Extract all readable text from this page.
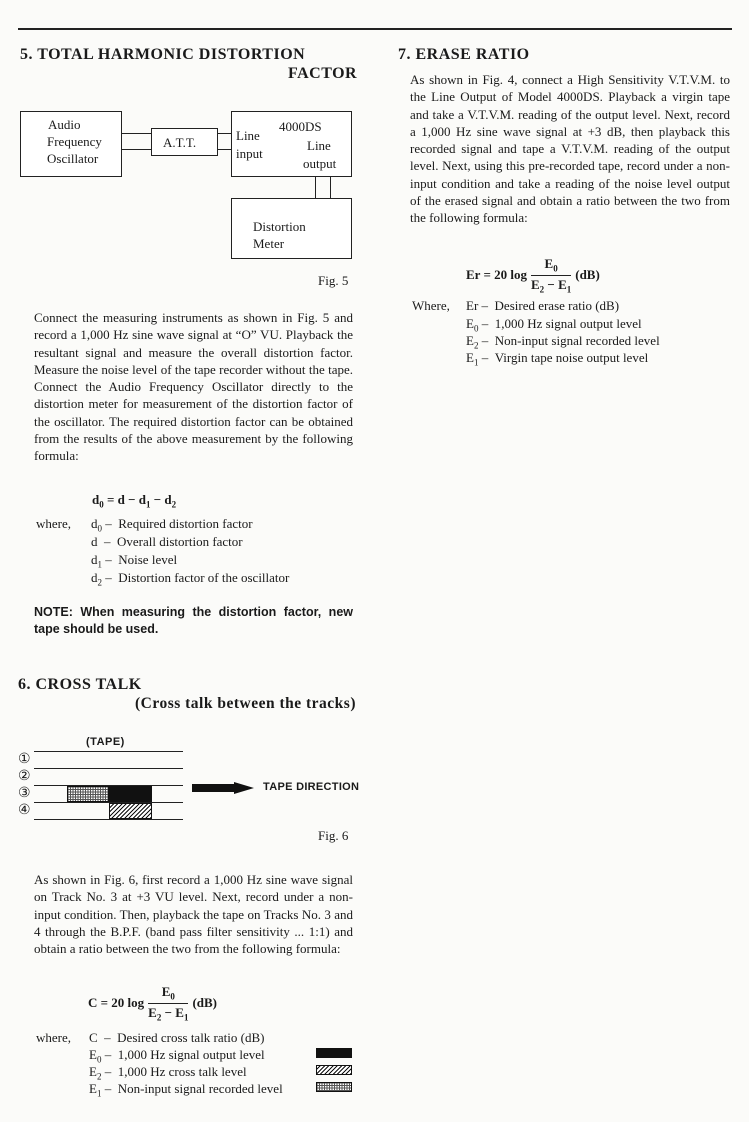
5. TOTAL HARMONIC DISTORTION
FACTOR
Audio
Frequency
Oscillator
A.T.T.
4000DS
Line
input
Line
output
Distortion
Meter
Fig. 5
Connect the measuring instruments as shown in Fig. 5 and record a 1,000 Hz sine wave signal at “O” VU. Playback the resultant signal and measure the overall distortion factor. Measure the noise level of the tape recorder without the tape. Connect the Audio Frequency Oscillator directly to the distortion meter for measurement of the distortion factor of the oscillator. The required distortion factor can be obtained from the results of the above measurement by the following formula:
$d_0 = d - d_1 - d_2$
where, $d_0$ – Required distortion factor
d – Overall distortion factor
$d_1$ – Noise level
$d_2$ – Distortion factor of the oscillator
NOTE: When measuring the distortion factor, new tape should be used.
6. CROSS TALK
(Cross talk between the tracks)
(TAPE)
①
②
③
④
TAPE DIRECTION
Fig. 6
As shown in Fig. 6, first record a 1,000 Hz sine wave signal on Track No. 3 at +3 VU level. Next, record under a non-input condition. Then, playback the tape on Tracks No. 3 and 4 through the B.P.F. (band pass filter sensitivity ... 1:1) and obtain a ratio between the two from the following formula:
C = 20 $\log \frac{E_0}{E_2 - E_1} (dB)$
where, C – Desired cross talk ratio (dB)
$E_0 - 1,000$ Hz signal output level
$E_2 - 1,000$ Hz cross talk level
$E_1$ – Non-input signal recorded level
7. ERASE RATIO
As shown in Fig. 4, connect a High Sensitivity V.T.V.M. to the Line Output of Model 4000DS. Playback a virgin tape and take a V.T.V.M. reading of the output level. Next, record a 1,000 Hz sine wave signal at +3 dB, then playback this recorded signal and tape a V.T.V.M. reading of the output level. Next, using this pre-recorded tape, record under a non-input condition and take a reading of the noise level output of the erased signal and obtain a ratio between the two from the following formula:
Er = 20 $\log \frac{E_0}{E_2 - E_1} (dB)$
Where, Er – Desired erase ratio (dB)
$E_0 - 1,000$ Hz signal output level
$E_2$ – Non-input signal recorded level
$E_1$ – Virgin tape noise output level
